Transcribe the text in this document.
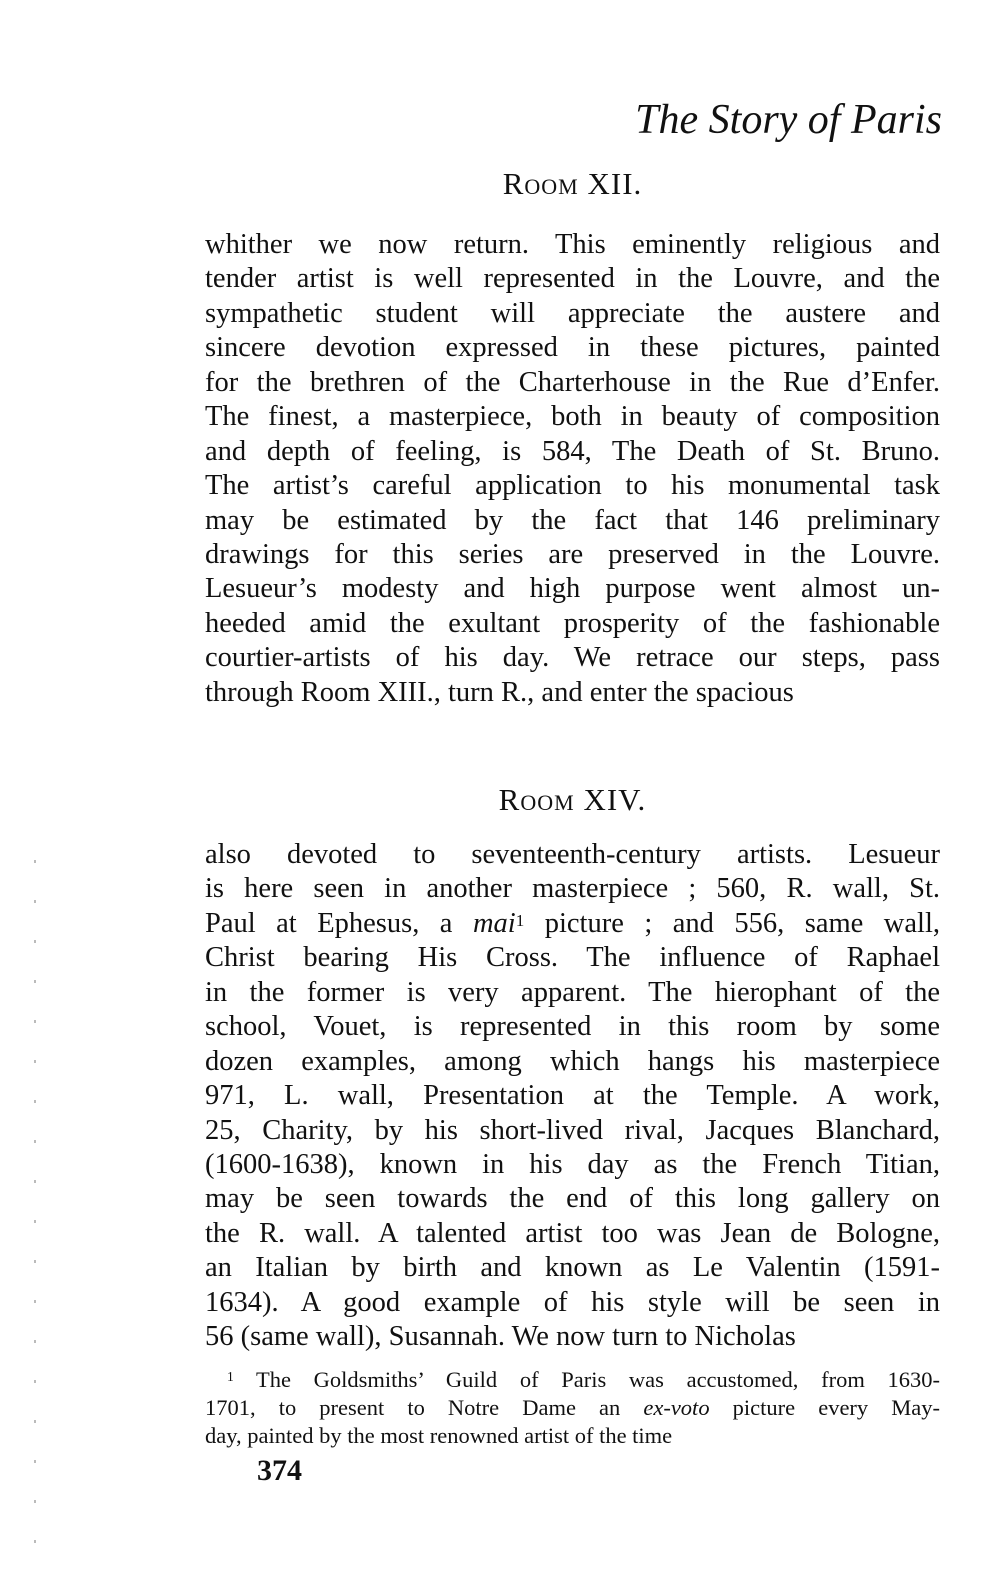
The Story of Paris
ROOM XII.
whither we now return. This eminently religious and
tender artist is well represented in the Louvre, and the
sympathetic student will appreciate the austere and
sincere devotion expressed in these pictures, painted
for the brethren of the Charterhouse in the Rue d’Enfer.
The finest, a masterpiece, both in beauty of composition
and depth of feeling, is 584, The Death of St. Bruno.
The artist’s careful application to his monumental task
may be estimated by the fact that 146 preliminary
drawings for this series are preserved in the Louvre.
Lesueur’s modesty and high purpose went almost un-
heeded amid the exultant prosperity of the fashionable
courtier-artists of his day. We retrace our steps, pass
through Room XIII., turn R., and enter the spacious
ROOM XIV.
also devoted to seventeenth-century artists. Lesueur
is here seen in another masterpiece ; 560, R. wall, St.
Paul at Ephesus, a mai$^1$ picture ; and 556, same wall,
Christ bearing His Cross. The influence of Raphael
in the former is very apparent. The hierophant of the
school, Vouet, is represented in this room by some
dozen examples, among which hangs his masterpiece
971, L. wall, Presentation at the Temple. A work,
25, Charity, by his short-lived rival, Jacques Blanchard,
(1600-1638), known in his day as the French Titian,
may be seen towards the end of this long gallery on
the R. wall. A talented artist too was Jean de Bologne,
an Italian by birth and known as Le Valentin (1591-
1634). A good example of his style will be seen in
56 (same wall), Susannah. We now turn to Nicholas
$^1$ The Goldsmiths’ Guild of Paris was accustomed, from 1630-
1701, to present to Notre Dame an ex-voto picture every May-
day, painted by the most renowned artist of the time
374
